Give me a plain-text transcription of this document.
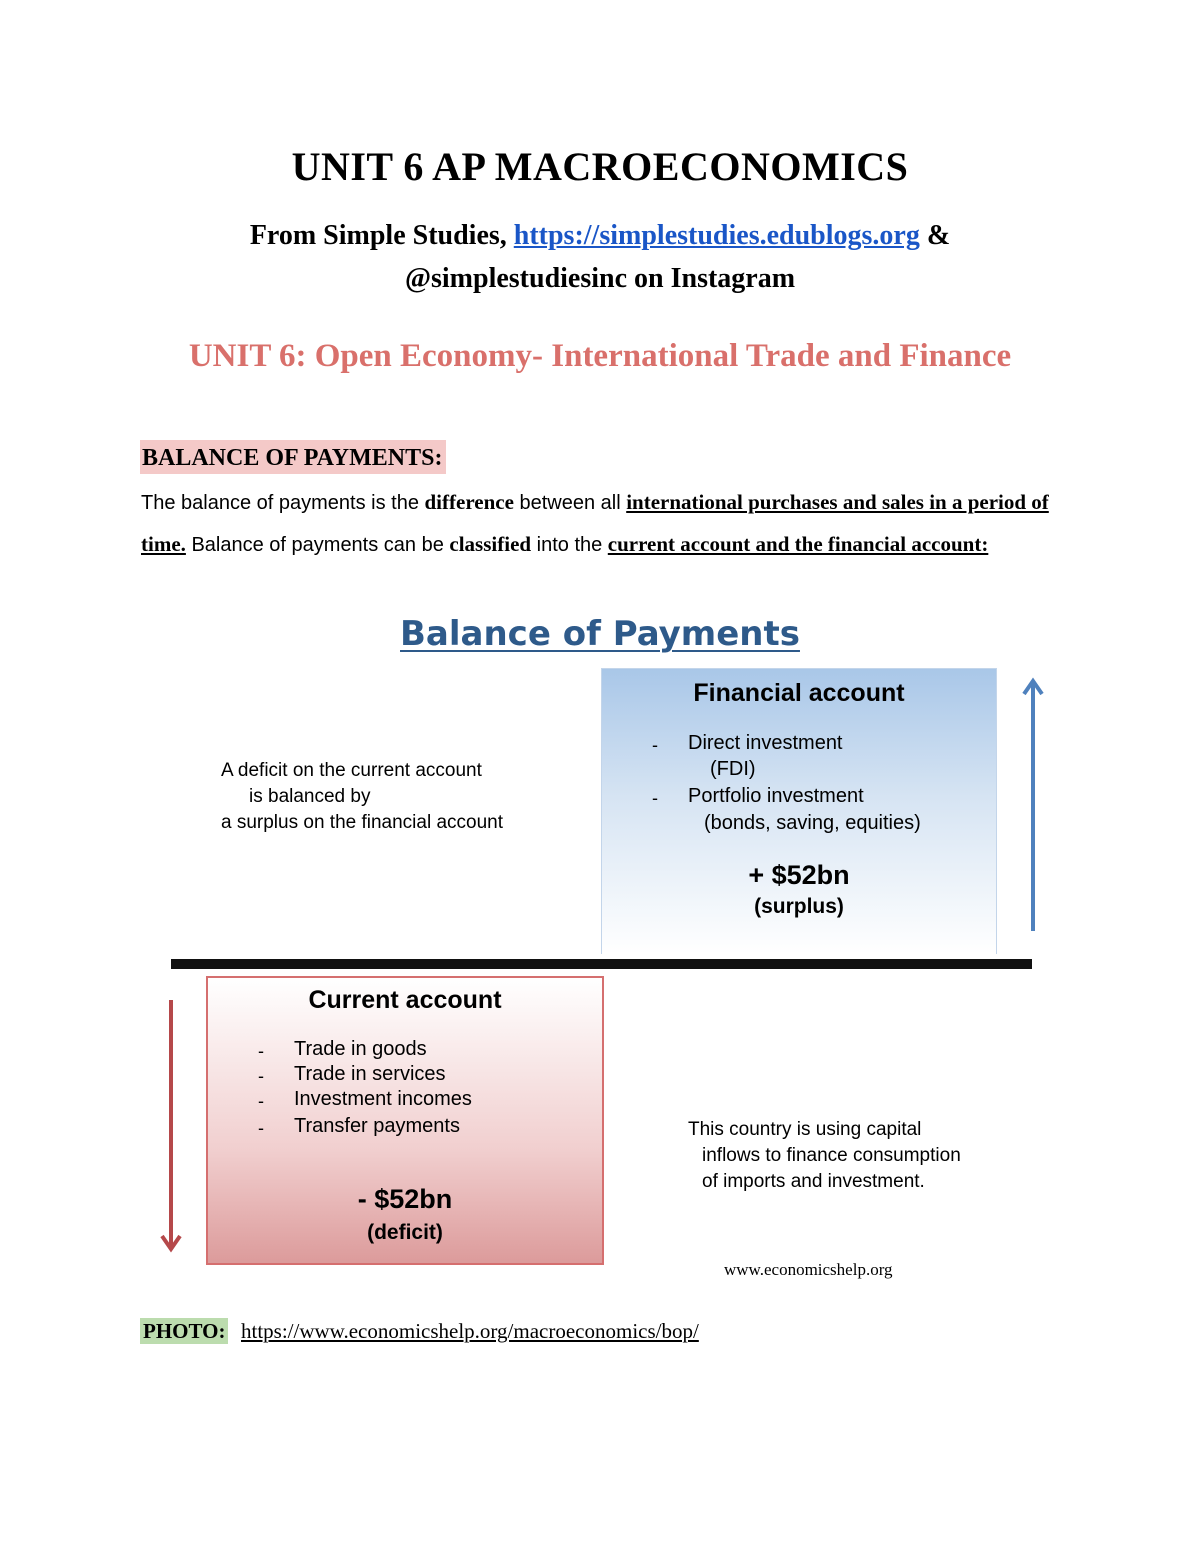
UNIT 6 AP MACROECONOMICS
From Simple Studies, https://simplestudies.edublogs.org &
@simplestudiesinc on Instagram
UNIT 6: Open Economy- International Trade and Finance
BALANCE OF PAYMENTS:
The balance of payments is the difference between all international purchases and sales in a period of time. Balance of payments can be classified into the current account and the financial account:
Balance of Payments
Financial account
- Direct investment
(FDI)
- Portfolio investment
(bonds, saving, equities)
+ $52bn
(surplus)
A deficit on the current account
is balanced by
a surplus on the financial account
Current account
- Trade in goods
- Trade in services
- Investment incomes
- Transfer payments
- $52bn
(deficit)
This country is using capital
inflows to finance consumption
of imports and investment.
www.economicshelp.org
PHOTO: https://www.economicshelp.org/macroeconomics/bop/
